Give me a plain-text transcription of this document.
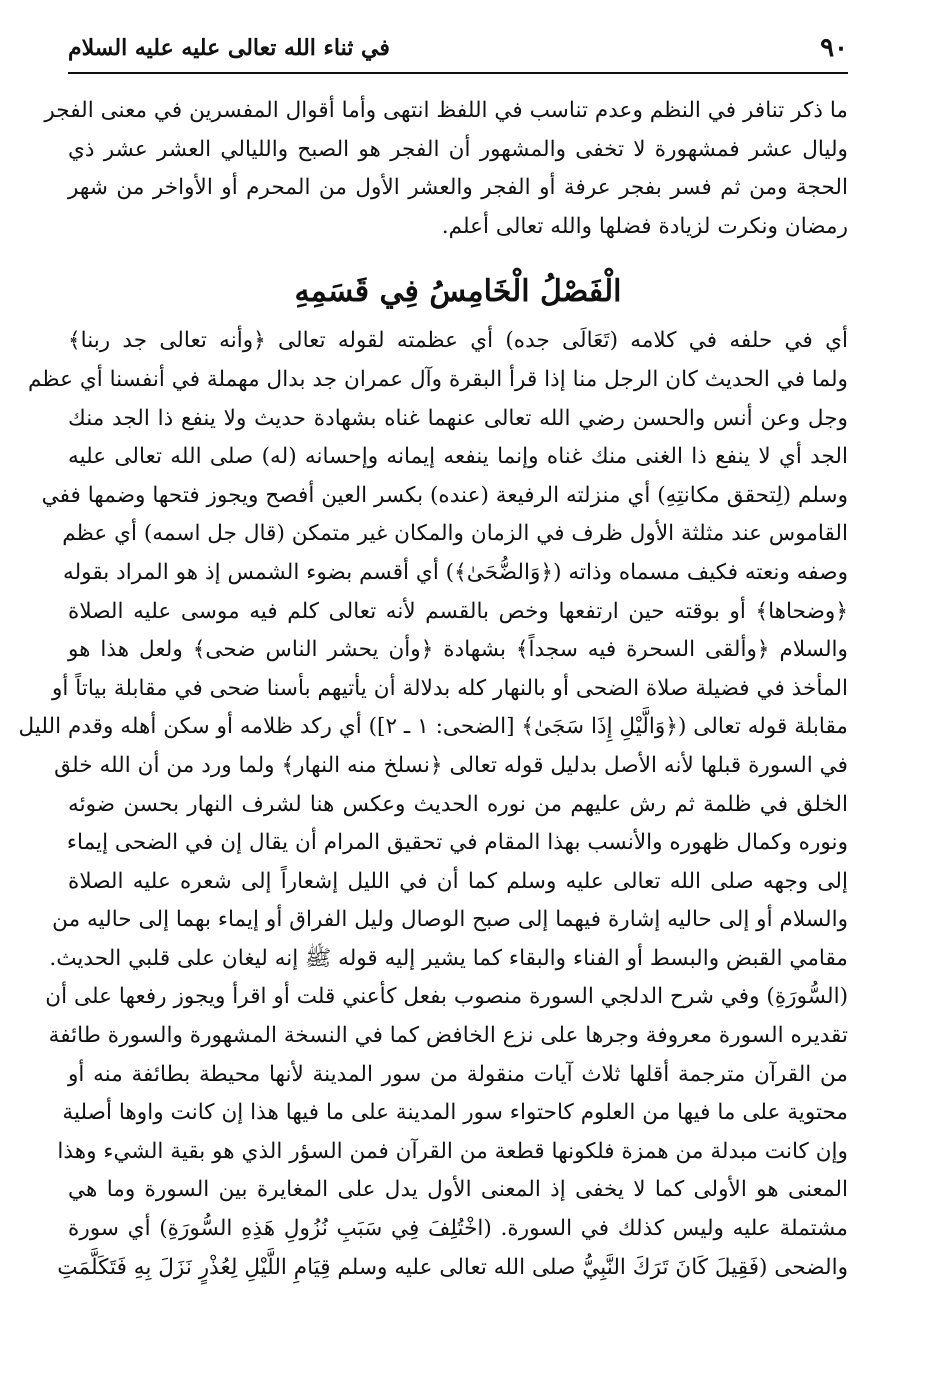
٩٠
في ثناء الله تعالى عليه عليه السلام
ما ذكر تنافر في النظم وعدم تناسب في اللفظ انتهى وأما أقوال المفسرين في معنى الفجر
وليال عشر فمشهورة لا تخفى والمشهور أن الفجر هو الصبح والليالي العشر عشر ذي
الحجة ومن ثم فسر بفجر عرفة أو الفجر والعشر الأول من المحرم أو الأواخر من شهر
رمضان ونكرت لزيادة فضلها والله تعالى أعلم.
الْفَصْلُ الْخَامِسُ فِي قَسَمِهِ
أي في حلفه في كلامه (تَعَالَى جده) أي عظمته لقوله تعالى ﴿وأنه تعالى جد ربنا﴾
ولما في الحديث كان الرجل منا إذا قرأ البقرة وآل عمران جد بدال مهملة في أنفسنا أي عظم
وجل وعن أنس والحسن رضي الله تعالى عنهما غناه بشهادة حديث ولا ينفع ذا الجد منك
الجد أي لا ينفع ذا الغنى منك غناه وإنما ينفعه إيمانه وإحسانه (له) صلى الله تعالى عليه
وسلم (لِتحقق مكانتِهِ) أي منزلته الرفيعة (عنده) بكسر العين أفصح ويجوز فتحها وضمها ففي
القاموس عند مثلثة الأول ظرف في الزمان والمكان غير متمكن (قال جل اسمه) أي عظم
وصفه ونعته فكيف مسماه وذاته (﴿وَالضُّحَىٰ﴾) أي أقسم بضوء الشمس إذ هو المراد بقوله
﴿وضحاها﴾ أو بوقته حين ارتفعها وخص بالقسم لأنه تعالى كلم فيه موسى عليه الصلاة
والسلام ﴿وألقى السحرة فيه سجداً﴾ بشهادة ﴿وأن يحشر الناس ضحى﴾ ولعل هذا هو
المأخذ في فضيلة صلاة الضحى أو بالنهار كله بدلالة أن يأتيهم بأسنا ضحى في مقابلة بياتاً أو
مقابلة قوله تعالى (﴿وَالَّيْلِ إِذَا سَجَىٰ﴾ [الضحى: ١ ـ ٢]) أي ركد ظلامه أو سكن أهله وقدم الليل
في السورة قبلها لأنه الأصل بدليل قوله تعالى ﴿نسلخ منه النهار﴾ ولما ورد من أن الله خلق
الخلق في ظلمة ثم رش عليهم من نوره الحديث وعكس هنا لشرف النهار بحسن ضوئه
ونوره وكمال ظهوره والأنسب بهذا المقام في تحقيق المرام أن يقال إن في الضحى إيماء
إلى وجهه صلى الله تعالى عليه وسلم كما أن في الليل إشعاراً إلى شعره عليه الصلاة
والسلام أو إلى حاليه إشارة فيهما إلى صبح الوصال وليل الفراق أو إيماء بهما إلى حاليه من
مقامي القبض والبسط أو الفناء والبقاء كما يشير إليه قوله ﷺ إنه ليغان على قلبي الحديث.
(السُّورَةِ) وفي شرح الدلجي السورة منصوب بفعل كأعني قلت أو اقرأ ويجوز رفعها على أن
تقديره السورة معروفة وجرها على نزع الخافض كما في النسخة المشهورة والسورة طائفة
من القرآن مترجمة أقلها ثلاث آيات منقولة من سور المدينة لأنها محيطة بطائفة منه أو
محتوية على ما فيها من العلوم كاحتواء سور المدينة على ما فيها هذا إن كانت واوها أصلية
وإن كانت مبدلة من همزة فلكونها قطعة من القرآن فمن السؤر الذي هو بقية الشيء وهذا
المعنى هو الأولى كما لا يخفى إذ المعنى الأول يدل على المغايرة بين السورة وما هي
مشتملة عليه وليس كذلك في السورة. (اخْتُلِفَ فِي سَبَبِ نُزُولِ هَذِهِ السُّورَةِ) أي سورة
والضحى (فَقِيلَ كَانَ تَرَكَ النَّبِيُّ صلى الله تعالى عليه وسلم قِيَامِ اللَّيْلِ لِعُذْرٍ نَزَلَ بِهِ فَتَكَلَّمَتِ
